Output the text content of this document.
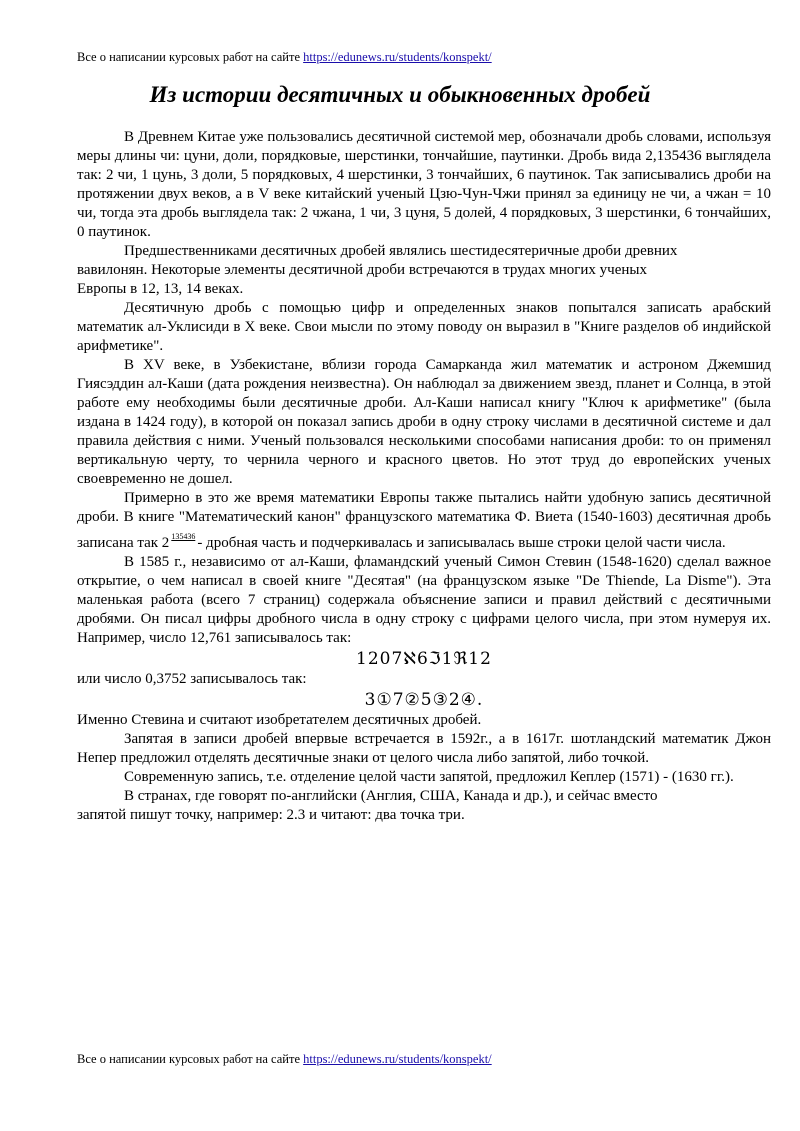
Все о написании курсовых работ на сайте https://edunews.ru/students/konspekt/
Из истории десятичных и обыкновенных дробей

В Древнем Китае уже пользовались десятичной системой мер, обозначали дробь словами, используя меры длины чи: цуни, доли, порядковые, шерстинки, тончайшие, паутинки. Дробь вида 2,135436 выглядела так: 2 чи, 1 цунь, 3 доли, 5 порядковых, 4 шерстинки, 3 тончайших, 6 паутинок. Так записывались дроби на протяжении двух веков, а в V веке китайский ученый Цзю-Чун-Чжи принял за единицу не чи, а чжан = 10 чи, тогда эта дробь выглядела так: 2 чжана, 1 чи, 3 цуня, 5 долей, 4 порядковых, 3 шерстинки, 6 тончайших, 0 паутинок.

Предшественниками десятичных дробей являлись шестидесятеричные дроби древних
вавилонян. Некоторые элементы десятичной дроби встречаются в трудах многих ученых
Европы в 12, 13, 14 веках.

Десятичную дробь с помощью цифр и определенных знаков попытался записать арабский математик ал-Уклисиди в X веке. Свои мысли по этому поводу он выразил в "Книге разделов об индийской арифметике".

В XV веке, в Узбекистане, вблизи города Самарканда жил математик и астроном Джемшид Гиясэддин ал-Каши (дата рождения неизвестна). Он наблюдал за движением звезд, планет и Солнца, в этой работе ему необходимы были десятичные дроби. Ал-Каши написал книгу "Ключ к арифметике" (была издана в 1424 году), в которой он показал запись дроби в одну строку числами в десятичной системе и дал правила действия с ними. Ученый пользовался несколькими способами написания дроби: то он применял вертикальную черту, то чернила черного и красного цветов. Но этот труд до европейских ученых своевременно не дошел.

Примерно в это же время математики Европы также пытались найти удобную запись десятичной дроби. В книге "Математический канон" французского математика Ф. Виета (1540-1603) десятичная дробь записана так 2 $^{135436}$ - дробная часть и подчеркивалась и записывалась выше строки целой части числа.

В 1585 г., независимо от ал-Каши, фламандский ученый Симон Стевин (1548-1620) сделал важное открытие, о чем написал в своей книге "Десятая" (на французском языке "De Thiende, La Disme"). Эта маленькая работа (всего 7 страниц) содержала объяснение записи и правил действий с десятичными дробями. Он писал цифры дробного числа в одну строку с цифрами целого числа, при этом нумеруя их. Например, число 12,761 записывалось так:

1207ℵ6ℑ1ℜ12

или число 0,3752 записывалось так:

3①7②5③2④.

Именно Стевина и считают изобретателем десятичных дробей.

Запятая в записи дробей впервые встречается в 1592г., а в 1617г. шотландский математик Джон Непер предложил отделять десятичные знаки от целого числа либо запятой, либо точкой.

Современную запись, т.е. отделение целой части запятой, предложил Кеплер (1571) - (1630 гг.).

В странах, где говорят по-английски (Англия, США, Канада и др.), и сейчас вместо
запятой пишут точку, например: 2.3 и читают: два точка три.

Все о написании курсовых работ на сайте https://edunews.ru/students/konspekt/
